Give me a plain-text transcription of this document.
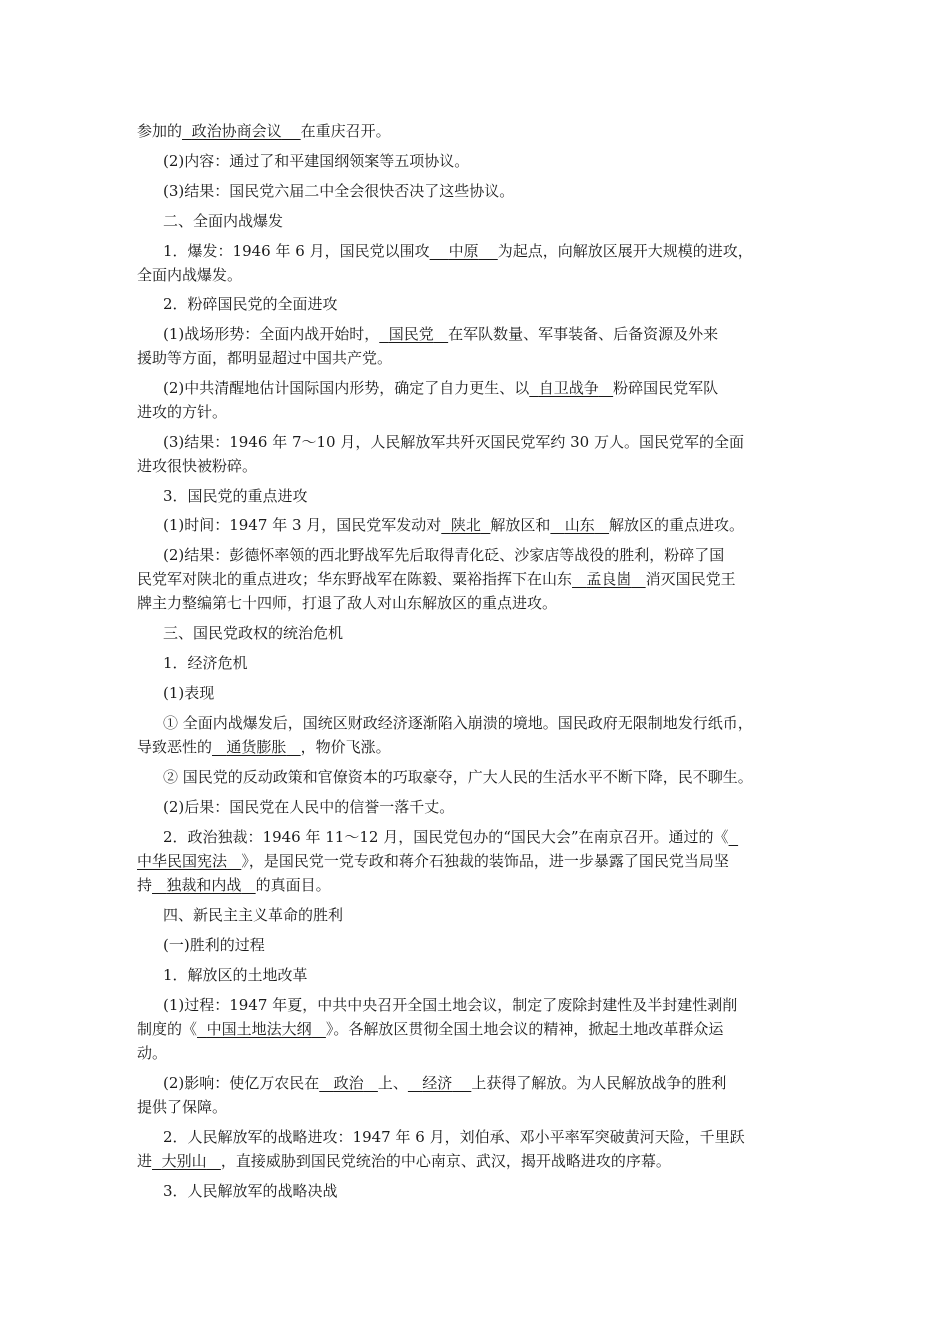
参加的 政治协商会议 在重庆召开。
(2)内容：通过了和平建国纲领案等五项协议。
(3)结果：国民党六届二中全会很快否决了这些协议。
二、全面内战爆发
1．爆发：1946 年 6 月，国民党以围攻 中原 为起点，向解放区展开大规模的进攻，
全面内战爆发。
2．粉碎国民党的全面进攻
(1)战场形势：全面内战开始时， 国民党 在军队数量、军事装备、后备资源及外来
援助等方面，都明显超过中国共产党。
(2)中共清醒地估计国际国内形势，确定了自力更生、以 自卫战争 粉碎国民党军队
进攻的方针。
(3)结果：1946 年 7～10 月，人民解放军共歼灭国民党军约 30 万人。国民党军的全面
进攻很快被粉碎。
3．国民党的重点进攻
(1)时间：1947 年 3 月，国民党军发动对 陕北 解放区和 山东 解放区的重点进攻。
(2)结果：彭德怀率领的西北野战军先后取得青化砭、沙家店等战役的胜利，粉碎了国
民党军对陕北的重点进攻；华东野战军在陈毅、粟裕指挥下在山东 孟良崮 消灭国民党王
牌主力整编第七十四师，打退了敌人对山东解放区的重点进攻。
三、国民党政权的统治危机
1．经济危机
(1)表现
① 全面内战爆发后，国统区财政经济逐渐陷入崩溃的境地。国民政府无限制地发行纸币，
导致恶性的 通货膨胀 ，物价飞涨。
② 国民党的反动政策和官僚资本的巧取豪夺，广大人民的生活水平不断下降，民不聊生。
(2)后果：国民党在人民中的信誉一落千丈。
2．政治独裁：1946 年 11～12 月，国民党包办的“国民大会”在南京召开。通过的《
中华民国宪法 》，是国民党一党专政和蒋介石独裁的装饰品，进一步暴露了国民党当局坚
持 独裁和内战 的真面目。
四、新民主主义革命的胜利
(一)胜利的过程
1．解放区的土地改革
(1)过程：1947 年夏，中共中央召开全国土地会议，制定了废除封建性及半封建性剥削
制度的《 中国土地法大纲 》。各解放区贯彻全国土地会议的精神，掀起土地改革群众运
动。
(2)影响：使亿万农民在 政治 上、 经济 上获得了解放。为人民解放战争的胜利
提供了保障。
2．人民解放军的战略进攻：1947 年 6 月，刘伯承、邓小平率军突破黄河天险，千里跃
进 大别山 ，直接威胁到国民党统治的中心南京、武汉，揭开战略进攻的序幕。
3．人民解放军的战略决战
